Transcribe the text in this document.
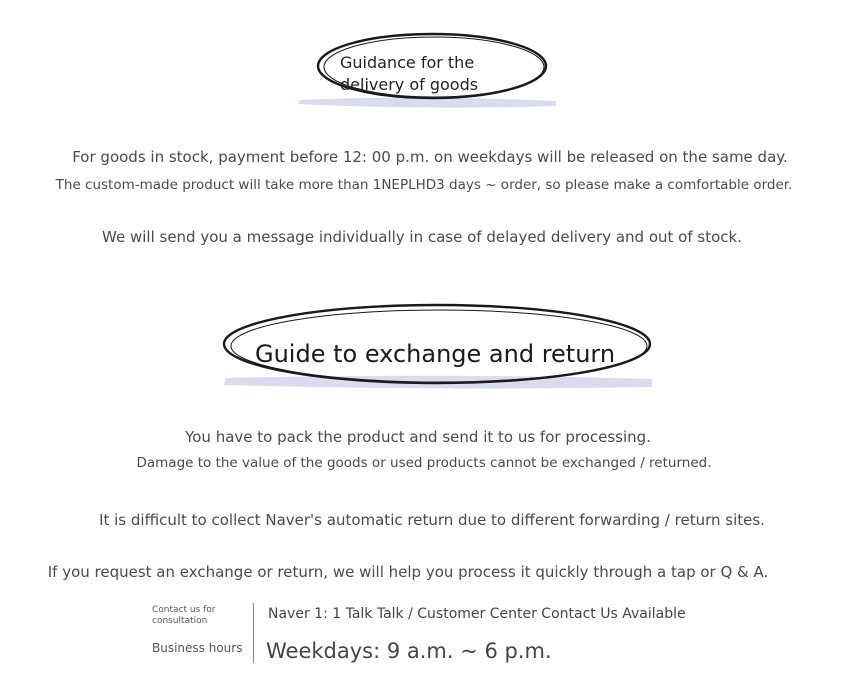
Guidance for the
delivery of goods
For goods in stock, payment before 12: 00 p.m. on weekdays will be released on the same day.
The custom-made product will take more than 1NEPLHD3 days ~ order, so please make a comfortable order.
We will send you a message individually in case of delayed delivery and out of stock.
Guide to exchange and return
You have to pack the product and send it to us for processing.
Damage to the value of the goods or used products cannot be exchanged / returned.
It is difficult to collect Naver's automatic return due to different forwarding / return sites.
If you request an exchange or return, we will help you process it quickly through a tap or Q & A.
Contact us for
consultation
Business hours
Naver 1: 1 Talk Talk / Customer Center Contact Us Available
Weekdays: 9 a.m. ~ 6 p.m.
